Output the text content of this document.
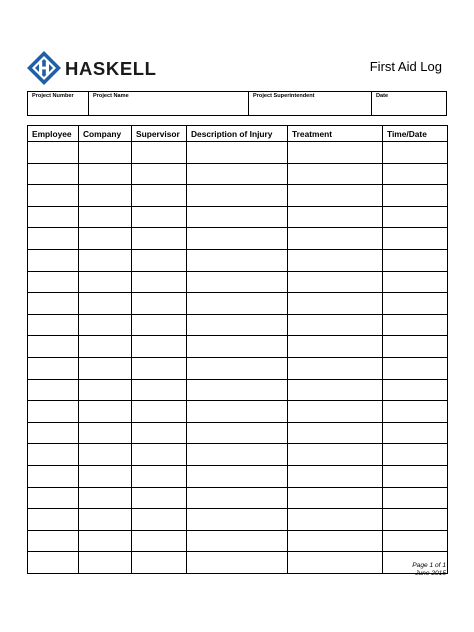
HASKELL	First Aid Log
Project Number	Project Name	Project Superintendent	Date
Employee	Company	Supervisor	Description of Injury	Treatment	Time/Date

Page 1 of 1
June 2015
